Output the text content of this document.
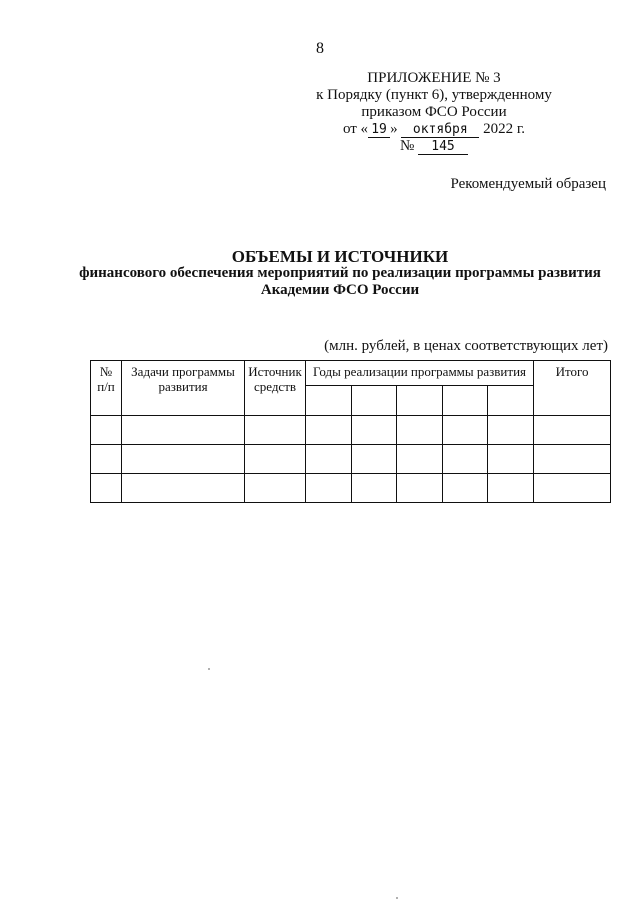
8
ПРИЛОЖЕНИЕ № 3
к Порядку (пункт 6), утвержденному
приказом ФСО России
от « 19 » октября 2022 г.
№ 145
Рекомендуемый образец
ОБЪЕМЫ И ИСТОЧНИКИ
финансового обеспечения мероприятий по реализации программы развития
Академии ФСО России
(млн. рублей, в ценах соответствующих лет)
№ п/п	Задачи программы развития	Источник средств	Годы реализации программы развития					Итого
